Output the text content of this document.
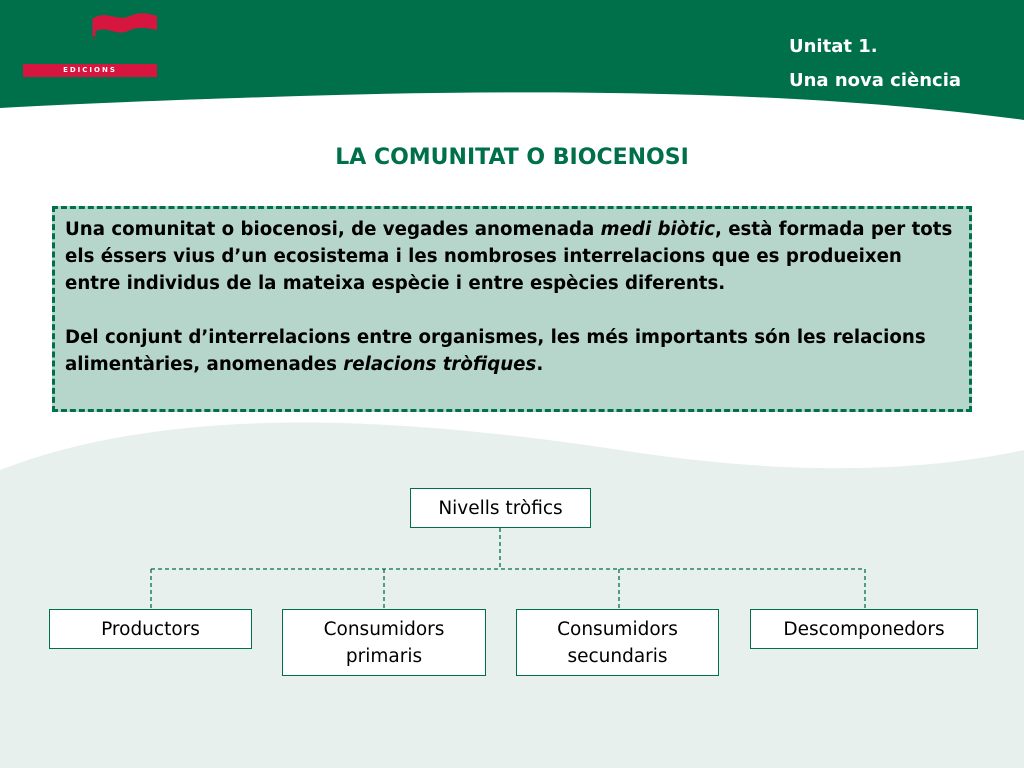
Castellnou
EDICIONS
Unitat 1.
Una nova ciència
LA COMUNITAT O BIOCENOSI

Una comunitat o biocenosi, de vegades anomenada medi biòtic, està formada per tots els éssers vius d’un ecosistema i les nombroses interrelacions que es produeixen entre individus de la mateixa espècie i entre espècies diferents.

Del conjunt d’interrelacions entre organismes, les més importants són les relacions alimentàries, anomenades relacions tròfiques.

Nivells tròfics
Productors	Consumidors
primaris
Consumidors
secundaris
Descomponedors
